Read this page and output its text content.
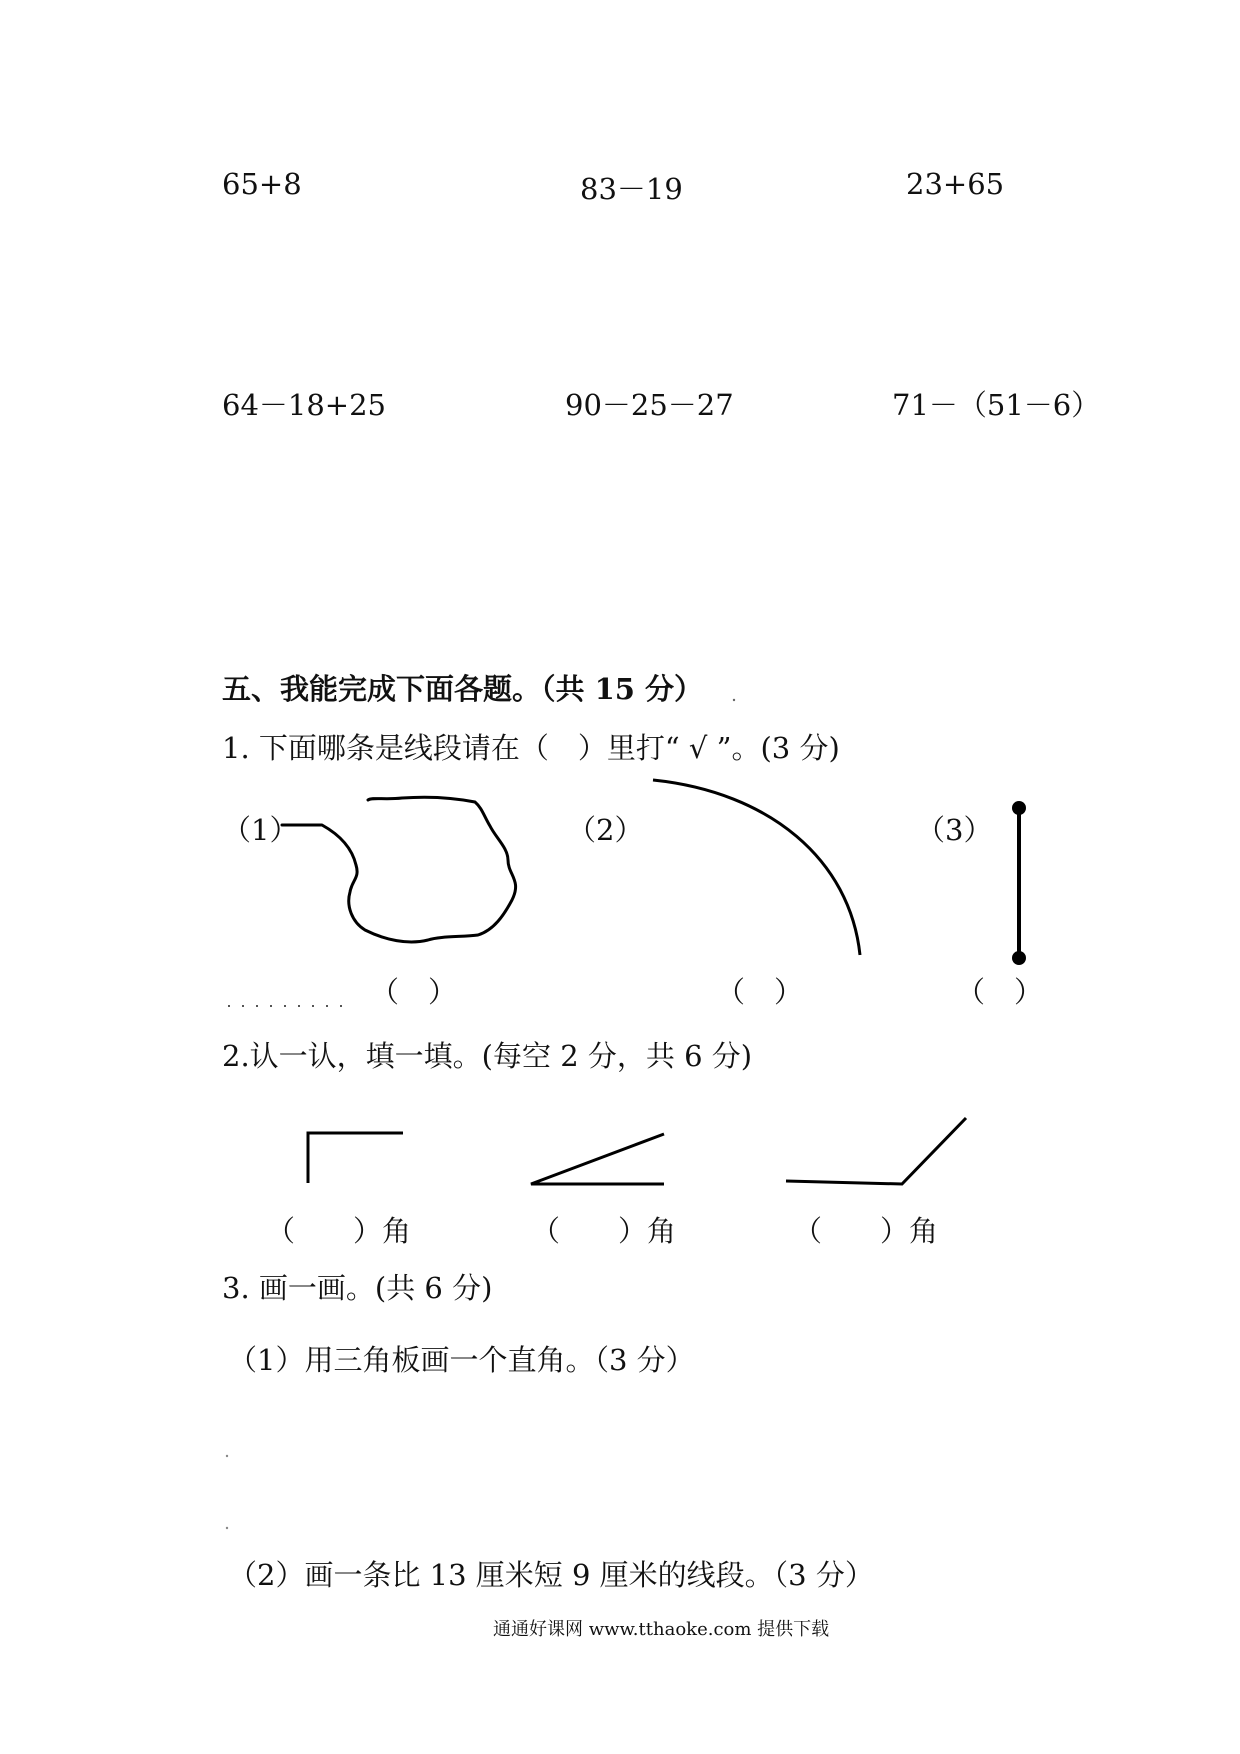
65+8	83－19	23+65
64－18+25	90－25－27	71－（51－6）
五、我能完成下面各题。（共 15 分）
1. 下面哪条是线段请在（　）里打“ √ ”。(3 分)
（1）	（2）	（3）
（　）	（　）	（　）
2.认一认，填一填。(每空 2 分，共 6 分)
（　　）角	（　　）角	（　　）角
3. 画一画。(共 6 分)
（1）用三角板画一个直角。（3 分）
（2）画一条比 13 厘米短 9 厘米的线段。（3 分）
通通好课网 www.tthaoke.com 提供下载
